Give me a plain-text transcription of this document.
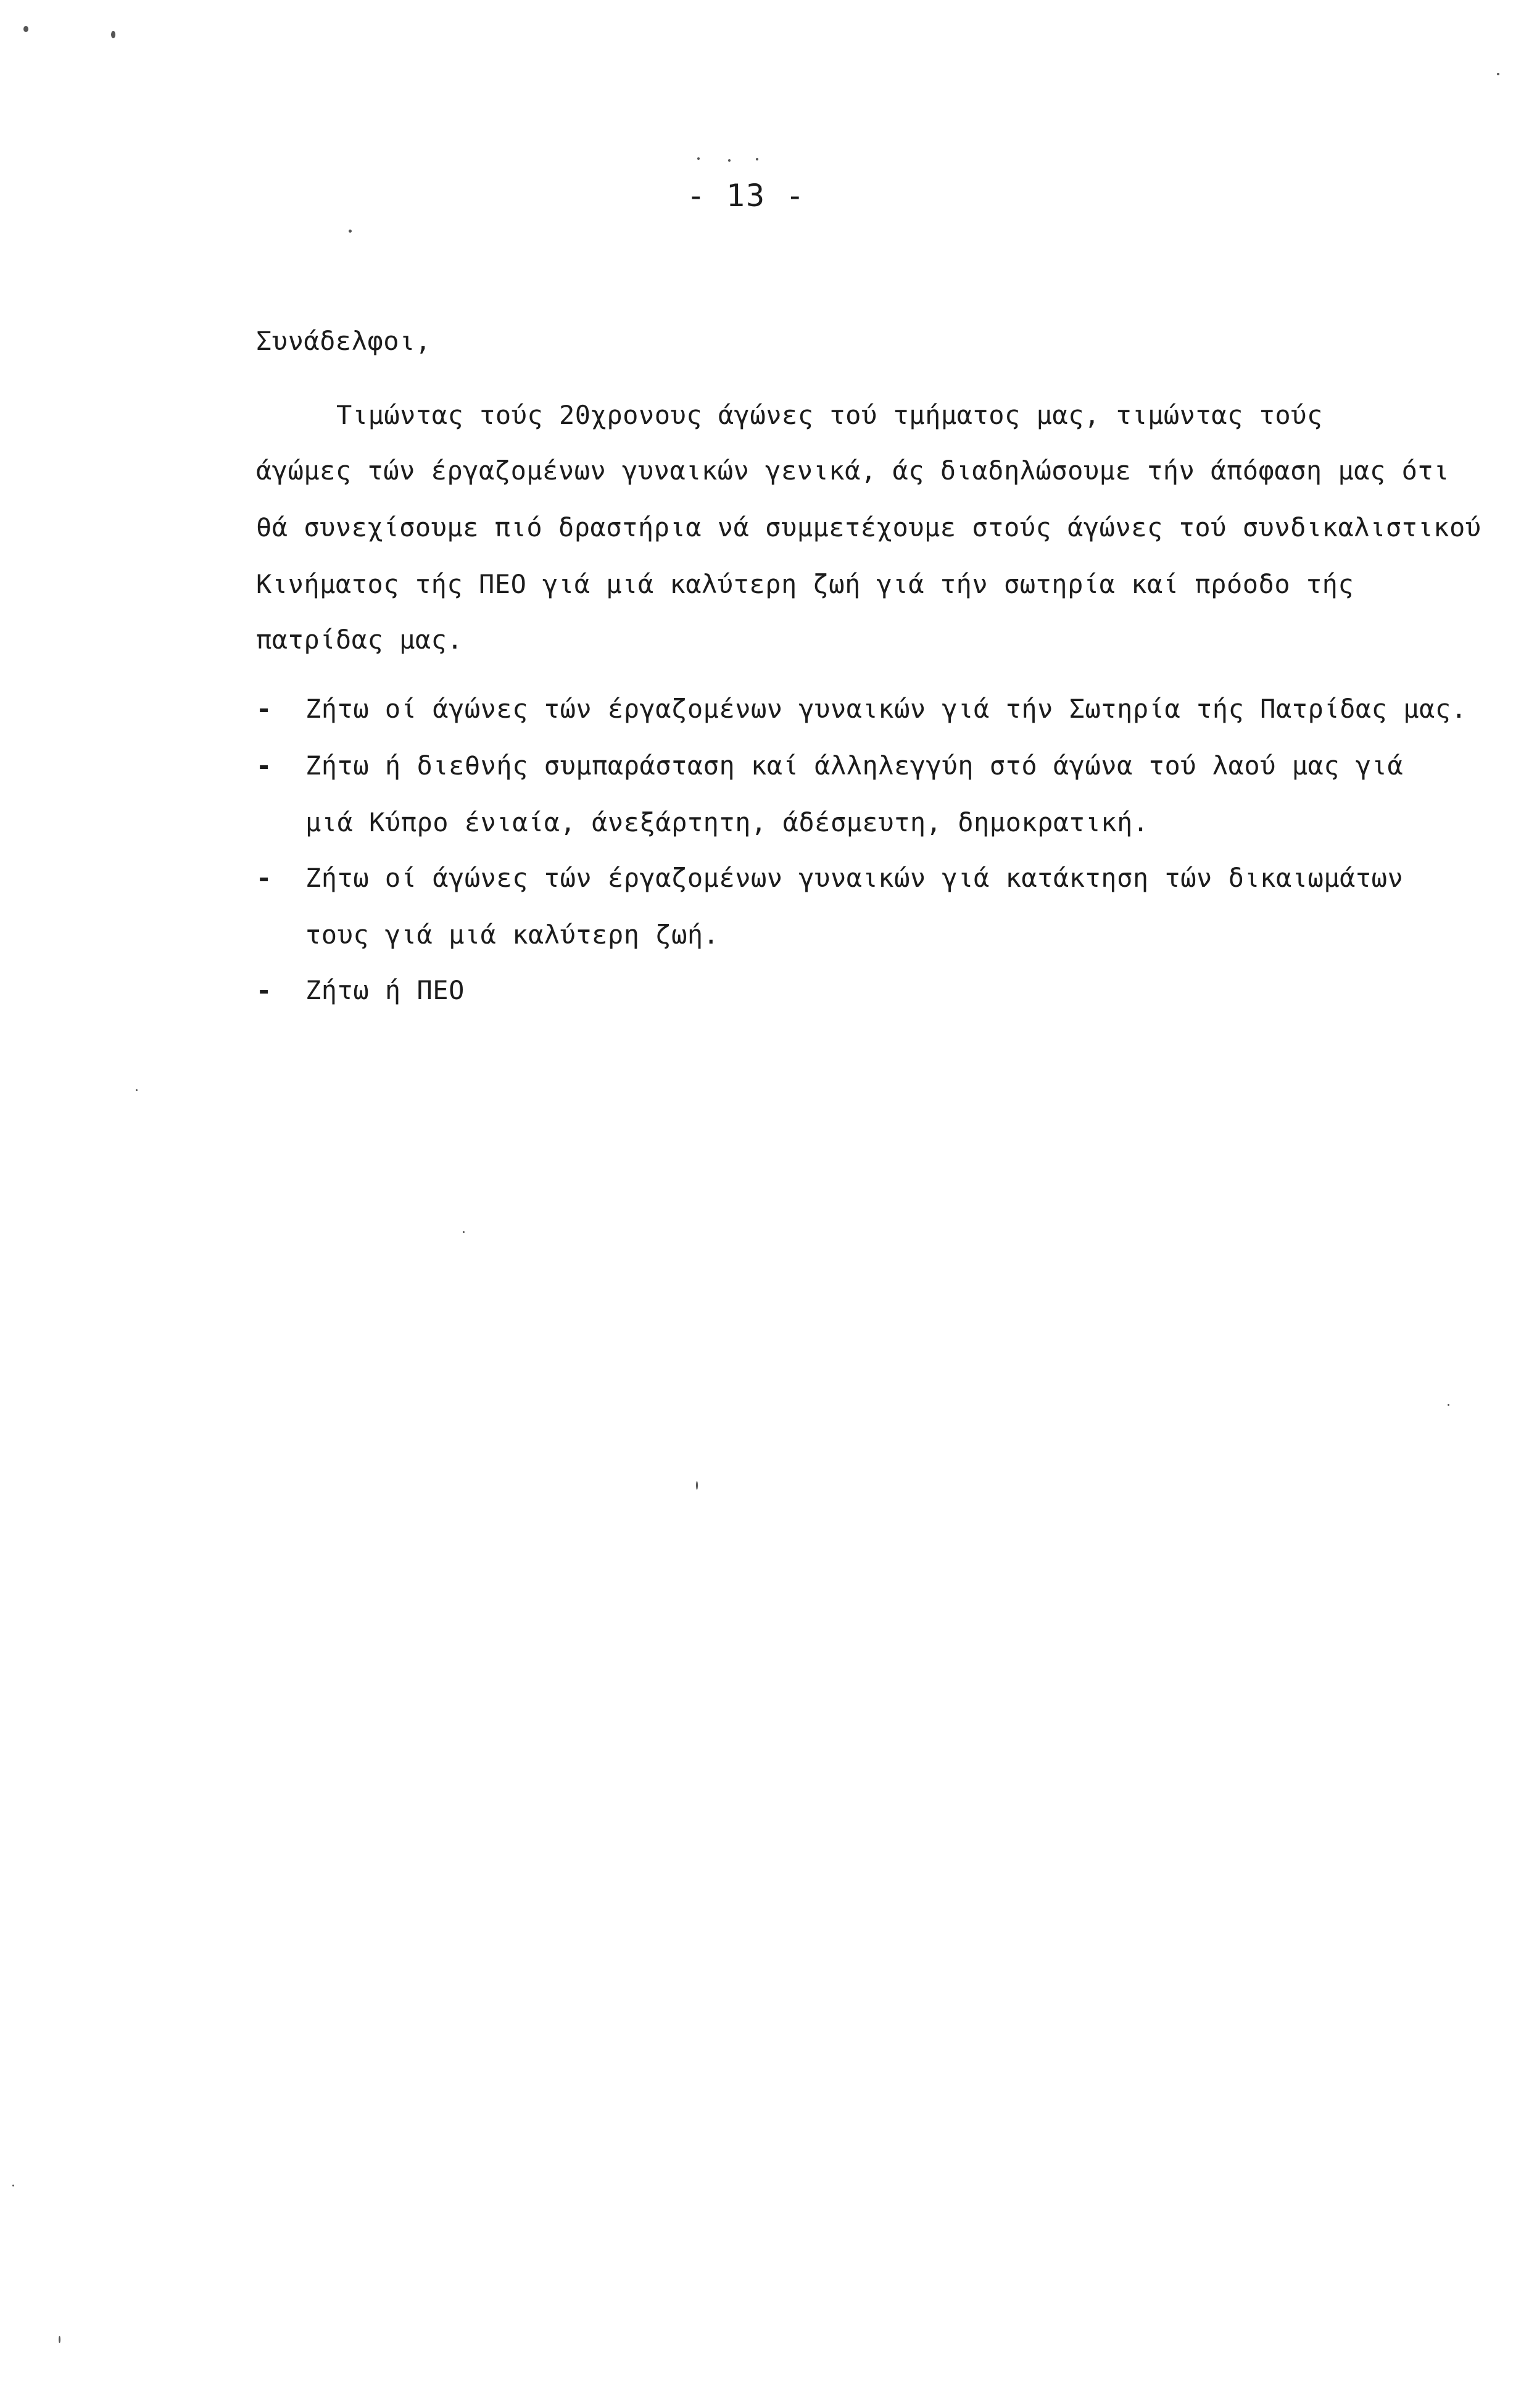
- 13 -
Συνάδελφοι,
Τιμώντας τούς 20χρονους άγώνες τού τμήματος μας, τιμώντας τούς
άγώμες τών έργαζομένων γυναικών γενικά, άς διαδηλώσουμε τήν άπόφαση μας ότι
θά συνεχίσουμε πιό δραστήρια νά συμμετέχουμε στούς άγώνες τού συνδικαλιστικού
Κινήματος τής ΠΕΟ γιά μιά καλύτερη ζωή γιά τήν σωτηρία καί πρόοδο τής
πατρίδας μας.
- Ζήτω οί άγώνες τών έργαζομένων γυναικών γιά τήν Σωτηρία τής Πατρίδας μας.
- Ζήτω ή διεθνής συμπαράσταση καί άλληλεγγύη στό άγώνα τού λαού μας γιά
μιά Κύπρο ένιαία, άνεξάρτητη, άδέσμευτη, δημοκρατική.
- Ζήτω οί άγώνες τών έργαζομένων γυναικών γιά κατάκτηση τών δικαιωμάτων
τους γιά μιά καλύτερη ζωή.
- Ζήτω ή ΠΕΟ
